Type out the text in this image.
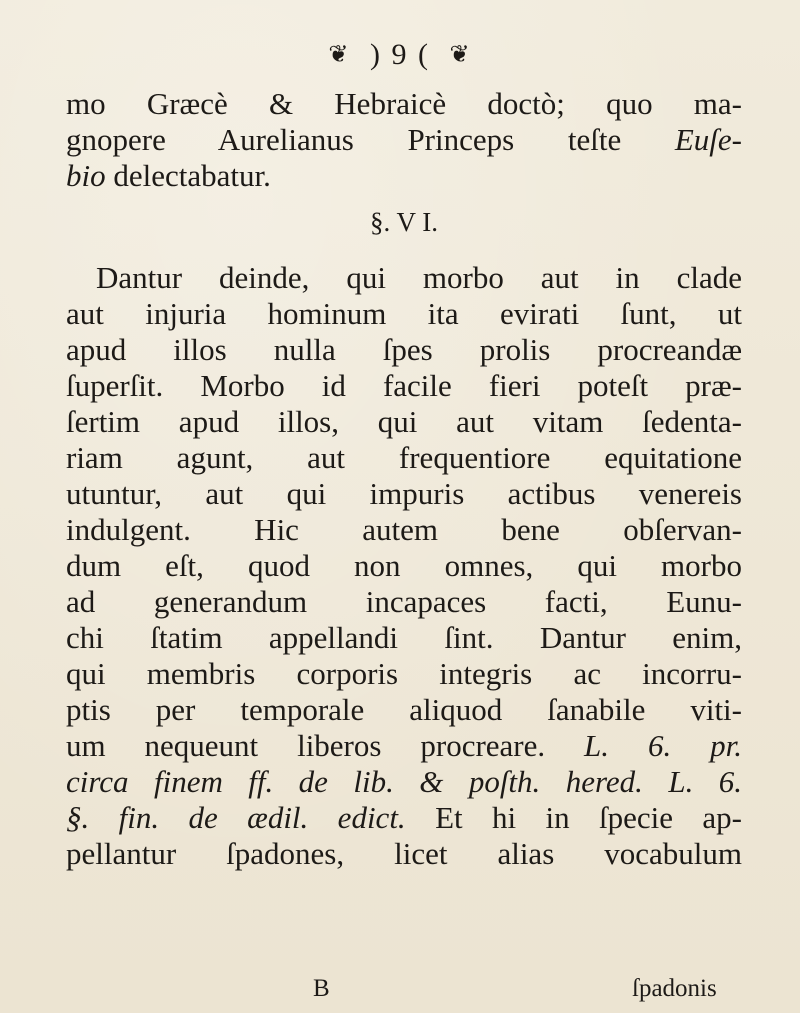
❦ ) 9 ( ❦
mo Græcè & Hebraicè doctò; quo ma-
gnopere Aurelianus Princeps teſte Euſe-
bio delectabatur.
§. V I.
Dantur deinde, qui morbo aut in clade
aut injuria hominum ita evirati ſunt, ut
apud illos nulla ſpes prolis procreandæ
ſuperſit. Morbo id facile fieri poteſt præ-
ſertim apud illos, qui aut vitam ſedenta-
riam agunt, aut frequentiore equitatione
utuntur, aut qui impuris actibus venereis
indulgent. Hic autem bene obſervan-
dum eſt, quod non omnes, qui morbo
ad generandum incapaces facti, Eunu-
chi ſtatim appellandi ſint. Dantur enim,
qui membris corporis integris ac incorru-
ptis per temporale aliquod ſanabile viti-
um nequeunt liberos procreare. L. 6. pr.
circa finem ff. de lib. & poſth. hered. L. 6.
§. fin. de ædil. edict. Et hi in ſpecie ap-
pellantur ſpadones, licet alias vocabulum
B	ſpadonis
